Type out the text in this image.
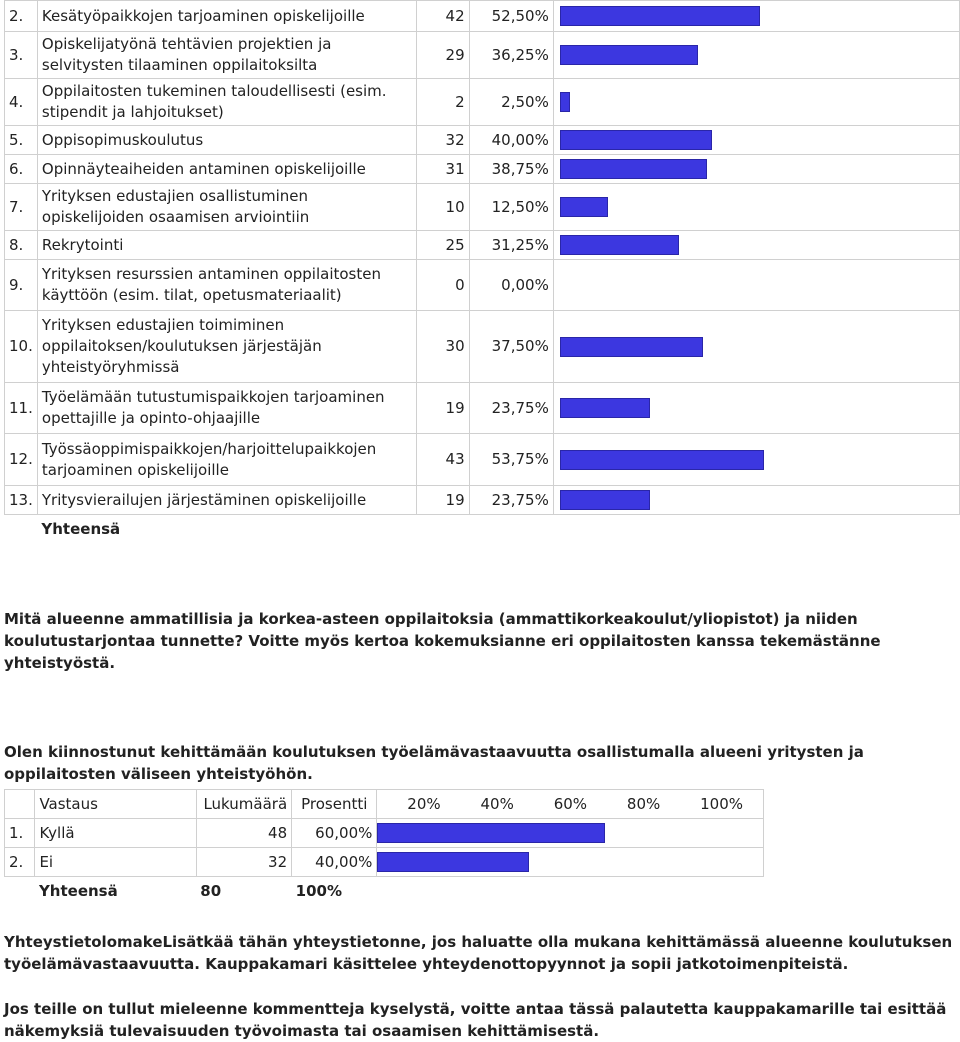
2.	Kesätyöpaikkojen tarjoaminen opiskelijoille	42	52,50%	

3.	Opiskelijatyönä tehtävien projektien ja selvitysten tilaaminen oppilaitoksilta	29	36,25%	

4.	Oppilaitosten tukeminen taloudellisesti (esim. stipendit ja lahjoitukset)	2	2,50%	

5.	Oppisopimuskoulutus	32	40,00%	

6.	Opinnäyteaiheiden antaminen opiskelijoille	31	38,75%	

7.	Yrityksen edustajien osallistuminen opiskelijoiden osaamisen arviointiin	10	12,50%	

8.	Rekrytointi	25	31,25%	

9.	Yrityksen resurssien antaminen oppilaitosten käyttöön (esim. tilat, opetusmateriaalit)	0	0,00%	
10.	Yrityksen edustajien toimiminen oppilaitoksen/koulutuksen järjestäjän yhteistyöryhmissä	30	37,50%	

11.	Työelämään tutustumispaikkojen tarjoaminen opettajille ja opinto-ohjaajille	19	23,75%	

12.	Työssäoppimispaikkojen/harjoittelupaikkojen tarjoaminen opiskelijoille	43	53,75%	

13.	Yritysvierailujen järjestäminen opiskelijoille	19	23,75%	

	Yhteensä			

Mitä alueenne ammatillisia ja korkea-asteen oppilaitoksia (ammattikorkeakoulut/yliopistot) ja niiden koulutustarjontaa tunnette? Voitte myös kertoa kokemuksianne eri oppilaitosten kanssa tekemästänne yhteistyöstä.

Olen kiinnostunut kehittämään koulutuksen työelämävastaavuutta osallistumalla alueeni yritysten ja oppilaitosten väliseen yhteistyöhön.

	Vastaus	Lukumäärä	Prosentti	20% 40% 60% 80% 100%

1.	Kyllä	48	60,00%	

2.	Ei	32	40,00%	

	Yhteensä	80	100%	

YhteystietolomakeLisätkää tähän yhteystietonne, jos haluatte olla mukana kehittämässä alueenne koulutuksen työelämävastaavuutta. Kauppakamari käsittelee yhteydenottopyynnot ja sopii jatkotoimenpiteistä.

Jos teille on tullut mieleenne kommentteja kyselystä, voitte antaa tässä palautetta kauppakamarille tai esittää näkemyksiä tulevaisuuden työvoimasta tai osaamisen kehittämisestä.
